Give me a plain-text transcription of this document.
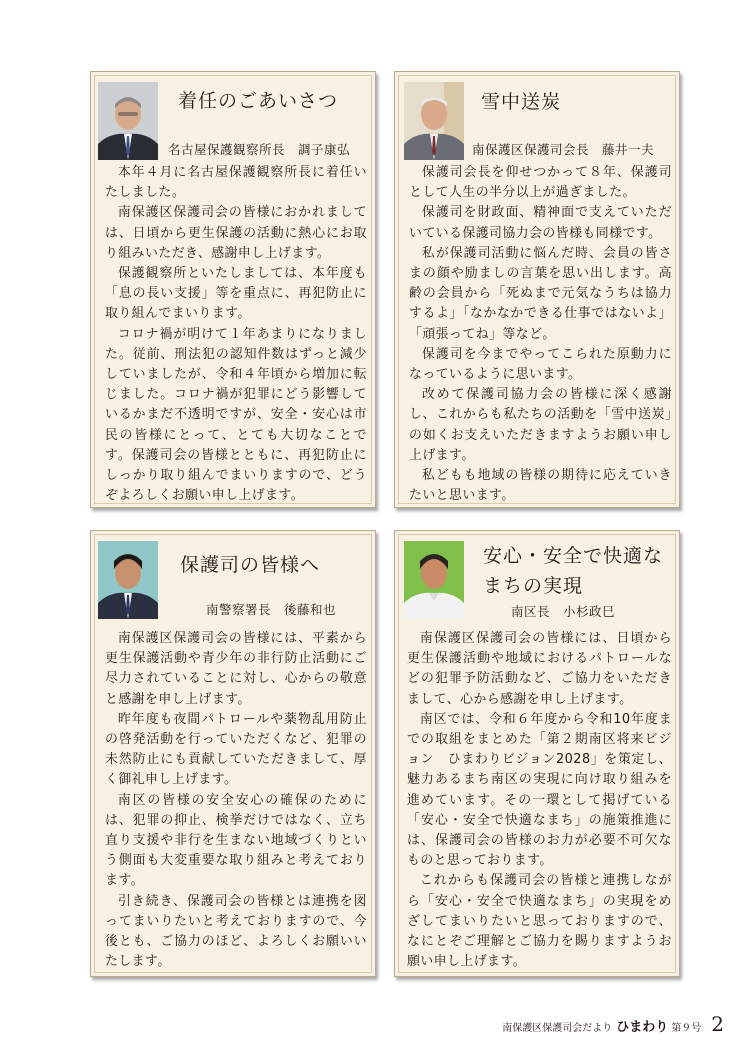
着任のごあいさつ
名古屋保護観察所長　調子康弘

本年４月に名古屋保護観察所長に着任いたしました。

南保護区保護司会の皆様におかれましては、日頃から更生保護の活動に熱心にお取り組みいただき、感謝申し上げます。

保護観察所といたしましては、本年度も「息の長い支援」等を重点に、再犯防止に取り組んでまいります。

コロナ禍が明けて１年あまりになりました。従前、刑法犯の認知件数はずっと減少していましたが、令和４年頃から増加に転じました。コロナ禍が犯罪にどう影響しているかまだ不透明ですが、安全・安心は市民の皆様にとって、とても大切なことです。保護司会の皆様とともに、再犯防止にしっかり取り組んでまいりますので、どうぞよろしくお願い申し上げます。

雪中送炭
南保護区保護司会長　藤井一夫

保護司会長を仰せつかって８年、保護司として人生の半分以上が過ぎました。

保護司を財政面、精神面で支えていただいている保護司協力会の皆様も同様です。

私が保護司活動に悩んだ時、会員の皆さまの顔や励ましの言葉を思い出します。高齢の会員から「死ぬまで元気なうちは協力するよ」「なかなかできる仕事ではないよ」「頑張ってね」等など。

保護司を今までやってこられた原動力になっているように思います。

改めて保護司協力会の皆様に深く感謝し、これからも私たちの活動を「雪中送炭」の如くお支えいただきますようお願い申し上げます。

私どもも地域の皆様の期待に応えていきたいと思います。

保護司の皆様へ
南警察署長　後藤和也

南保護区保護司会の皆様には、平素から更生保護活動や青少年の非行防止活動にご尽力されていることに対し、心からの敬意と感謝を申し上げます。

昨年度も夜間パトロールや薬物乱用防止の啓発活動を行っていただくなど、犯罪の未然防止にも貢献していただきまして、厚く御礼申し上げます。

南区の皆様の安全安心の確保のためには、犯罪の抑止、検挙だけではなく、立ち直り支援や非行を生まない地域づくりという側面も大変重要な取り組みと考えております。

引き続き、保護司会の皆様とは連携を図ってまいりたいと考えておりますので、今後とも、ご協力のほど、よろしくお願いいたします。

安心・安全で快適な
まちの実現
南区長　小杉政巳

南保護区保護司会の皆様には、日頃から更生保護活動や地域におけるパトロールなどの犯罪予防活動など、ご協力をいただきまして、心から感謝を申し上げます。

南区では、令和６年度から令和10年度までの取組をまとめた「第２期南区将来ビジョン　ひまわりビジョン2028」を策定し、魅力あるまち南区の実現に向け取り組みを進めています。その一環として掲げている「安心・安全で快適なまち」の施策推進には、保護司会の皆様のお力が必要不可欠なものと思っております。

これからも保護司会の皆様と連携しながら「安心・安全で快適なまち」の実現をめざしてまいりたいと思っておりますので、なにとぞご理解とご協力を賜りますようお願い申し上げます。

南保護区保護司会だより ひまわり 第９号 2
